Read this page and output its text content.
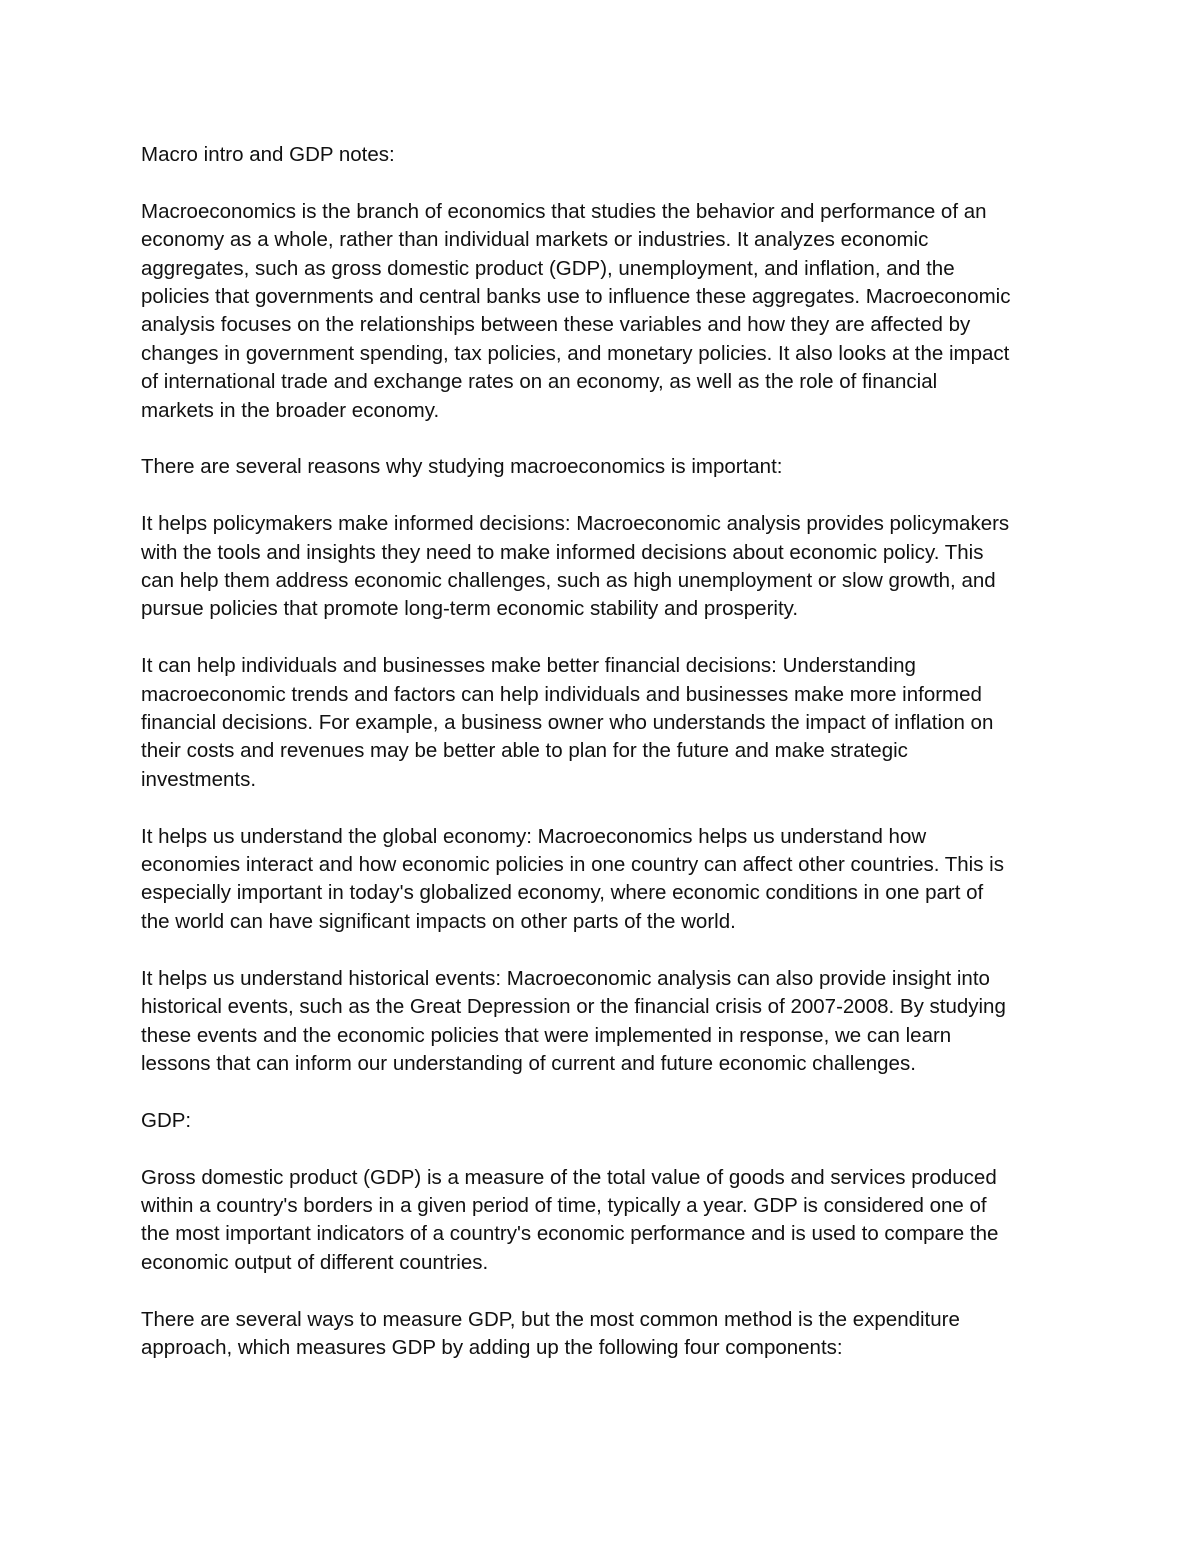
Macro intro and GDP notes:

Macroeconomics is the branch of economics that studies the behavior and performance of an
economy as a whole, rather than individual markets or industries. It analyzes economic
aggregates, such as gross domestic product (GDP), unemployment, and inflation, and the
policies that governments and central banks use to influence these aggregates. Macroeconomic
analysis focuses on the relationships between these variables and how they are affected by
changes in government spending, tax policies, and monetary policies. It also looks at the impact
of international trade and exchange rates on an economy, as well as the role of financial
markets in the broader economy.

There are several reasons why studying macroeconomics is important:

It helps policymakers make informed decisions: Macroeconomic analysis provides policymakers
with the tools and insights they need to make informed decisions about economic policy. This
can help them address economic challenges, such as high unemployment or slow growth, and
pursue policies that promote long-term economic stability and prosperity.

It can help individuals and businesses make better financial decisions: Understanding
macroeconomic trends and factors can help individuals and businesses make more informed
financial decisions. For example, a business owner who understands the impact of inflation on
their costs and revenues may be better able to plan for the future and make strategic
investments.

It helps us understand the global economy: Macroeconomics helps us understand how
economies interact and how economic policies in one country can affect other countries. This is
especially important in today's globalized economy, where economic conditions in one part of
the world can have significant impacts on other parts of the world.

It helps us understand historical events: Macroeconomic analysis can also provide insight into
historical events, such as the Great Depression or the financial crisis of 2007-2008. By studying
these events and the economic policies that were implemented in response, we can learn
lessons that can inform our understanding of current and future economic challenges.

GDP:

Gross domestic product (GDP) is a measure of the total value of goods and services produced
within a country's borders in a given period of time, typically a year. GDP is considered one of
the most important indicators of a country's economic performance and is used to compare the
economic output of different countries.

There are several ways to measure GDP, but the most common method is the expenditure
approach, which measures GDP by adding up the following four components:
